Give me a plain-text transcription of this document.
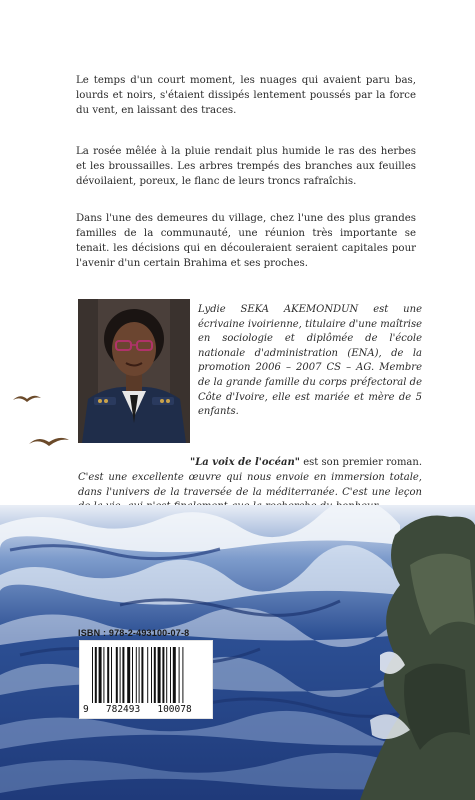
Le temps d'un court moment, les nuages qui avaient paru bas, lourds et noirs, s'étaient dissipés lentement poussés par la force du vent, en laissant des traces.

La rosée mêlée à la pluie rendait plus humide le ras des herbes et les broussailles. Les arbres trempés des branches aux feuilles dévoilaient, poreux, le flanc de leurs troncs rafraîchis.

Dans l'une des demeures du village, chez l'une des plus grandes familles de la communauté, une réunion très importante se tenait. les décisions qui en découleraient seraient capitales pour l'avenir d'un certain Brahima et ses proches.

Lydie SEKA AKEMONDUN est une écrivaine ivoirienne, titulaire d'une maîtrise en sociologie et diplômée de l'école nationale d'administration (ENA), de la promotion 2006 – 2007 CS – AG. Membre de la grande famille du corps préfectoral de Côte d'Ivoire, elle est mariée et mère de 5 enfants.

"La voix de l'océan" est son premier roman. C'est une excellente œuvre qui nous envoie en immersion totale, dans l'univers de la traversée de la méditerranée. C'est une leçon

ISBN : 978-2-493100-07-8
9   782493   100078
